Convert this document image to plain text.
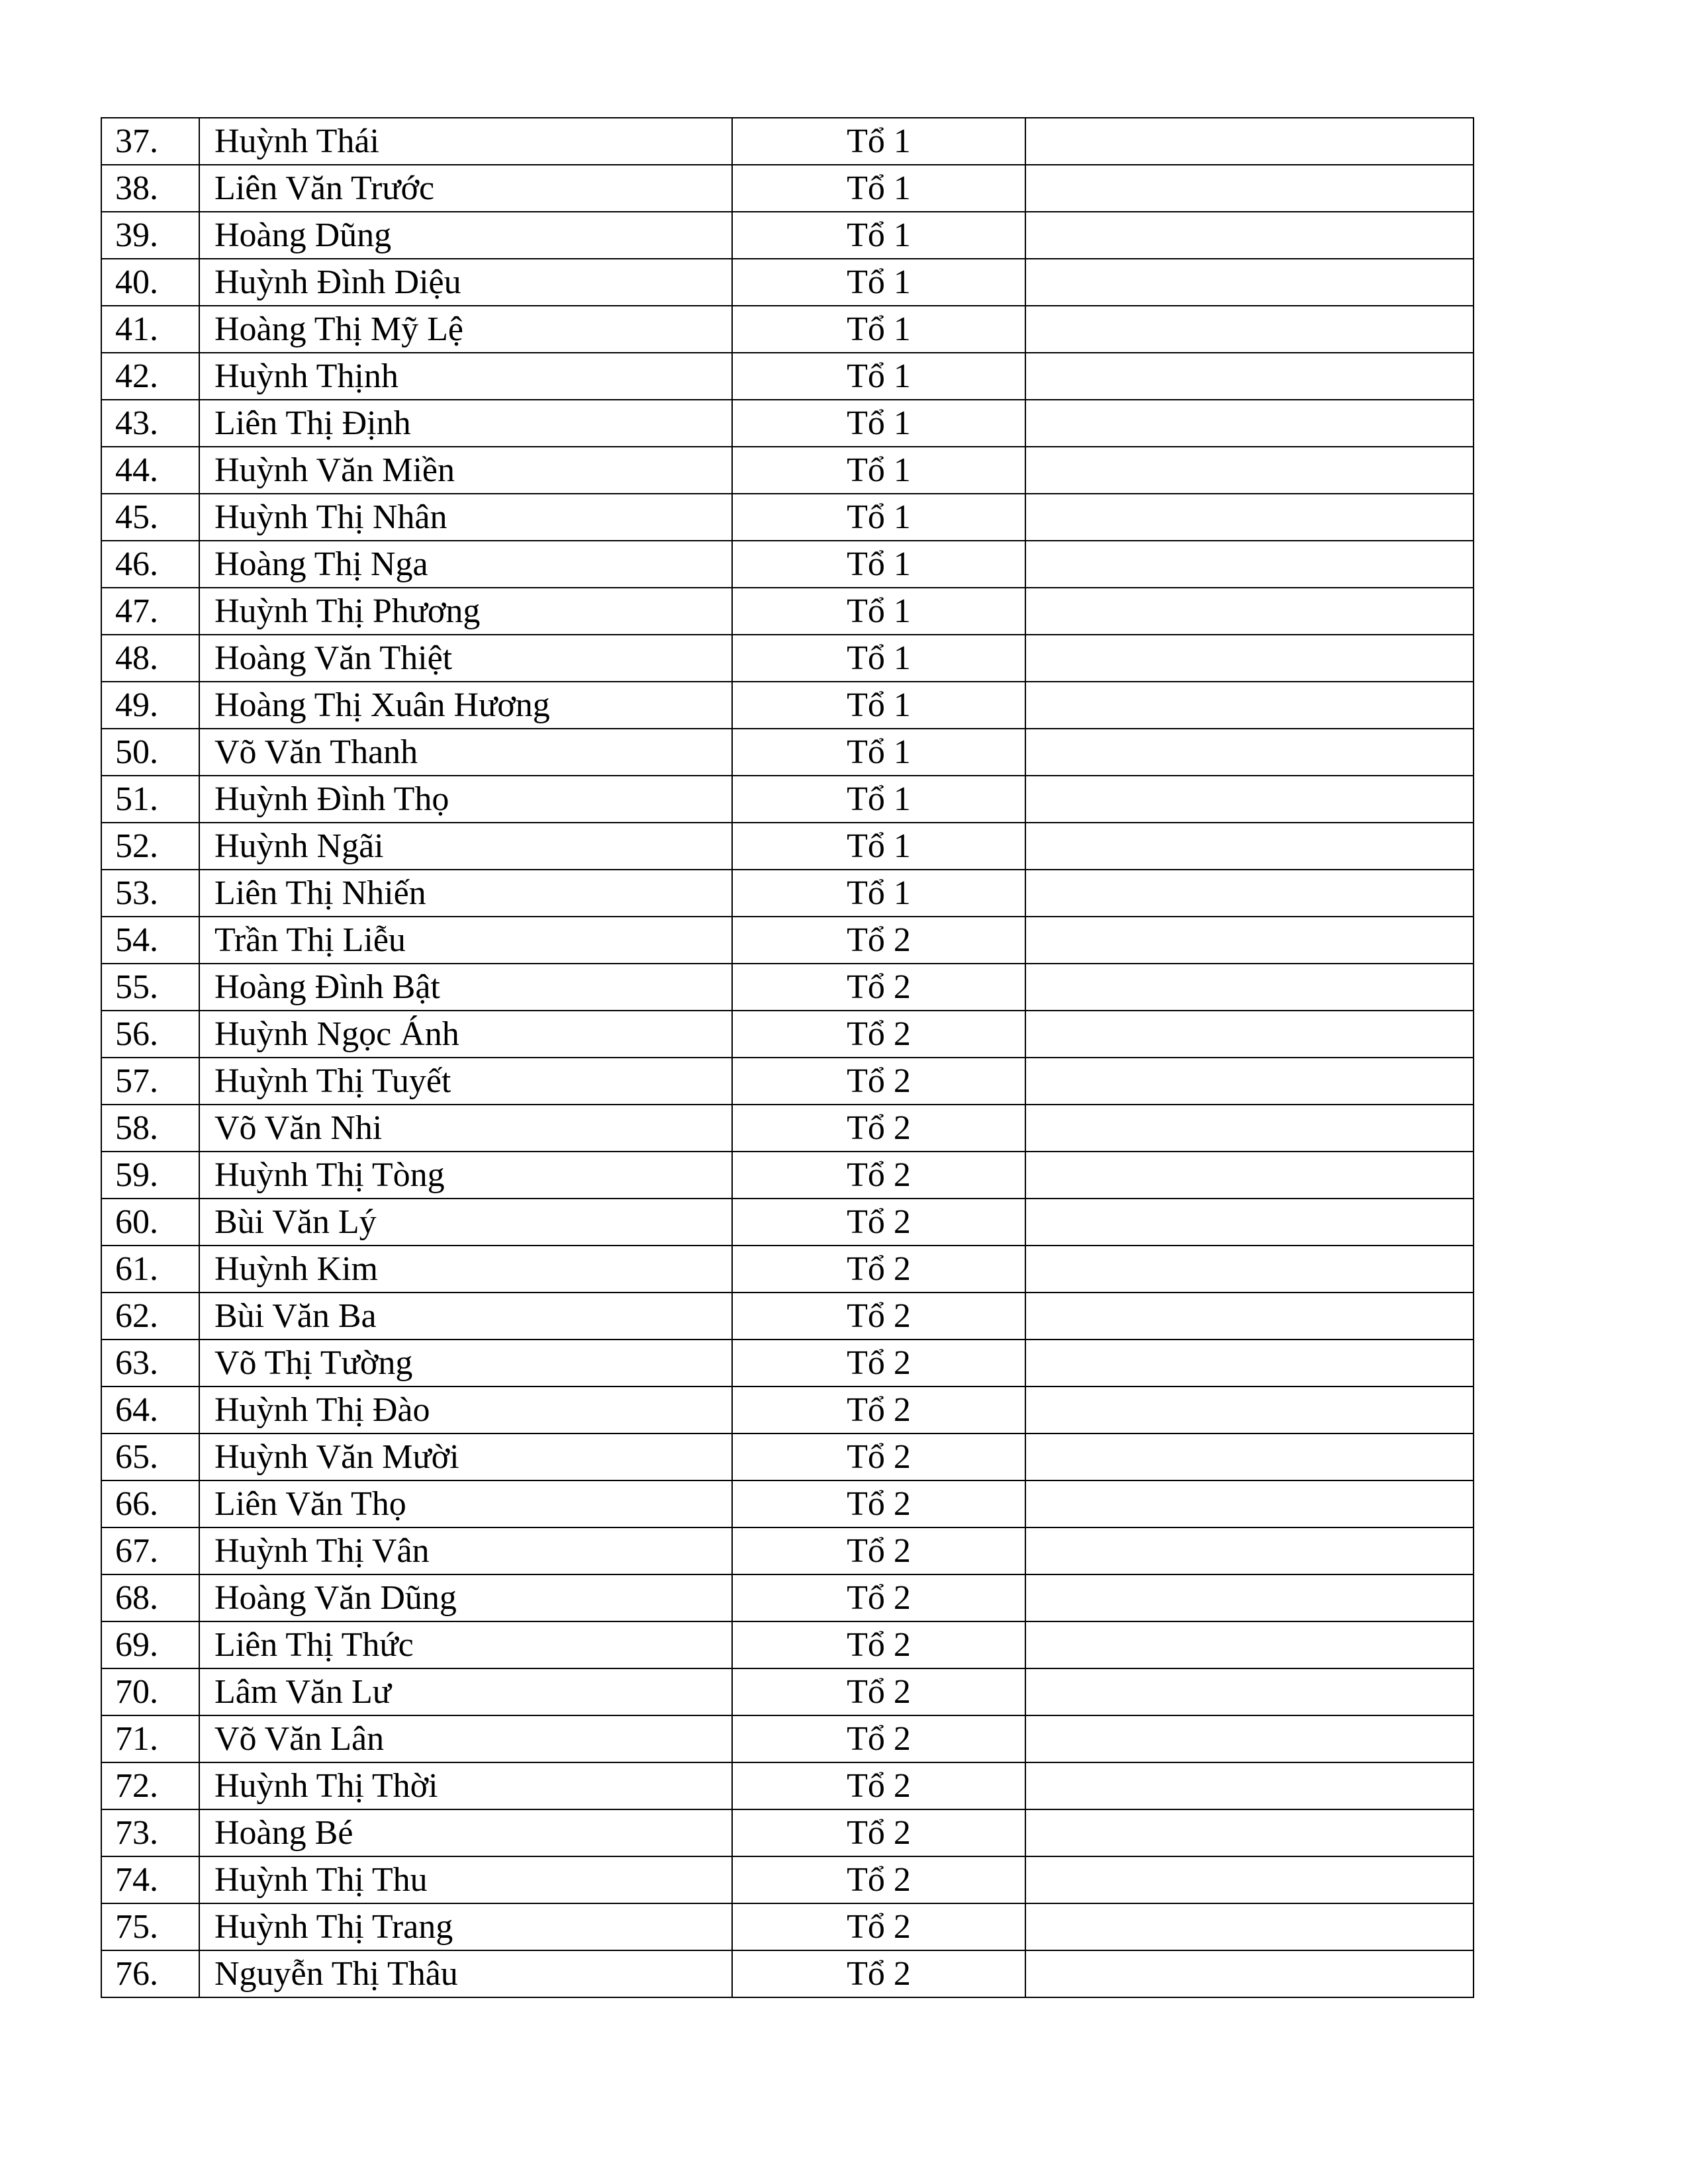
37.	Huỳnh Thái	Tổ 1	
38.	Liên Văn Trước	Tổ 1	
39.	Hoàng Dũng	Tổ 1	
40.	Huỳnh Đình Diệu	Tổ 1	
41.	Hoàng Thị Mỹ Lệ	Tổ 1	
42.	Huỳnh Thịnh	Tổ 1	
43.	Liên Thị Định	Tổ 1	
44.	Huỳnh Văn Miền	Tổ 1	
45.	Huỳnh Thị Nhân	Tổ 1	
46.	Hoàng Thị Nga	Tổ 1	
47.	Huỳnh Thị Phương	Tổ 1	
48.	Hoàng Văn Thiệt	Tổ 1	
49.	Hoàng Thị Xuân Hương	Tổ 1	
50.	Võ Văn Thanh	Tổ 1	
51.	Huỳnh Đình Thọ	Tổ 1	
52.	Huỳnh Ngãi	Tổ 1	
53.	Liên Thị Nhiến	Tổ 1	
54.	Trần Thị Liễu	Tổ 2	
55.	Hoàng Đình Bật	Tổ 2	
56.	Huỳnh Ngọc Ánh	Tổ 2	
57.	Huỳnh Thị Tuyết	Tổ 2	
58.	Võ Văn Nhi	Tổ 2	
59.	Huỳnh Thị Tòng	Tổ 2	
60.	Bùi Văn Lý	Tổ 2	
61.	Huỳnh Kim	Tổ 2	
62.	Bùi Văn Ba	Tổ 2	
63.	Võ Thị Tường	Tổ 2	
64.	Huỳnh Thị Đào	Tổ 2	
65.	Huỳnh Văn Mười	Tổ 2	
66.	Liên Văn Thọ	Tổ 2	
67.	Huỳnh Thị Vân	Tổ 2	
68.	Hoàng Văn Dũng	Tổ 2	
69.	Liên Thị Thức	Tổ 2	
70.	Lâm Văn Lư	Tổ 2	
71.	Võ Văn Lân	Tổ 2	
72.	Huỳnh Thị Thời	Tổ 2	
73.	Hoàng Bé	Tổ 2	
74.	Huỳnh Thị Thu	Tổ 2	
75.	Huỳnh Thị Trang	Tổ 2	
76.	Nguyễn Thị Thâu	Tổ 2	
